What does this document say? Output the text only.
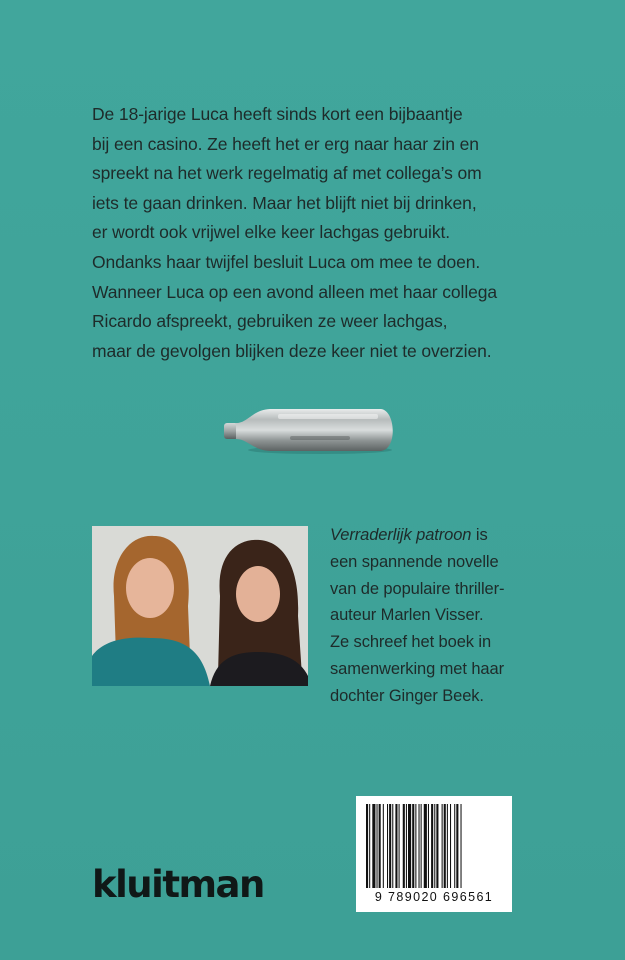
De 18-jarige Luca heeft sinds kort een bijbaantje
bij een casino. Ze heeft het er erg naar haar zin en
spreekt na het werk regelmatig af met collega’s om
iets te gaan drinken. Maar het blijft niet bij drinken,
er wordt ook vrijwel elke keer lachgas gebruikt.
Ondanks haar twijfel besluit Luca om mee te doen.
Wanneer Luca op een avond alleen met haar collega
Ricardo afspreekt, gebruiken ze weer lachgas,
maar de gevolgen blijken deze keer niet te overzien.
Verraderlijk patroon is
een spannende novelle
van de populaire thriller-
auteur Marlen Visser.
Ze schreef het boek in
samenwerking met haar
dochter Ginger Beek.
kluitman	9 789020 696561
